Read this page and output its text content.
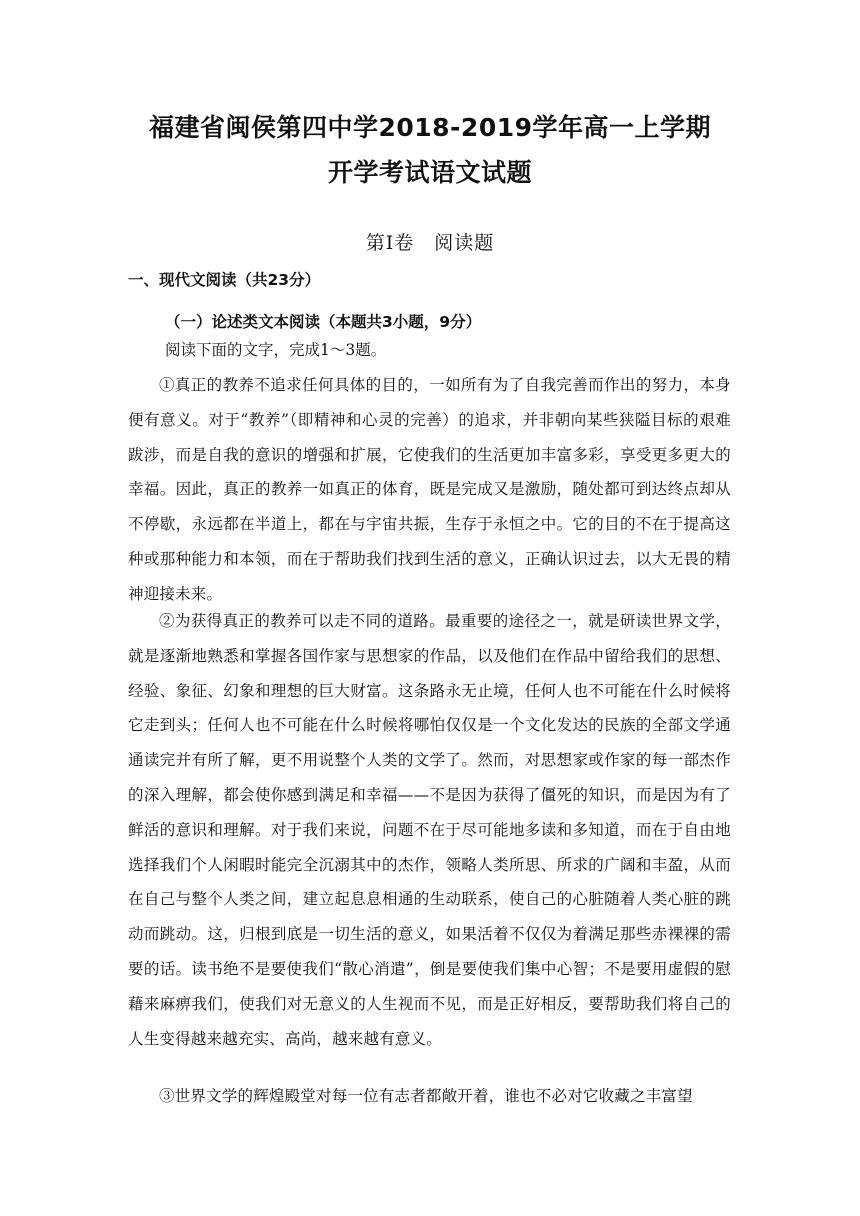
福建省闽侯第四中学2018-2019学年高一上学期
开学考试语文试题
第Ⅰ卷　阅读题
一、现代文阅读（共23分）
（一）论述类文本阅读（本题共3小题，9分）
阅读下面的文字，完成1～3题。
①真正的教养不追求任何具体的目的，一如所有为了自我完善而作出的努力，本身便有意义。对于“教养”（即精神和心灵的完善）的追求，并非朝向某些狭隘目标的艰难跋涉，而是自我的意识的增强和扩展，它使我们的生活更加丰富多彩，享受更多更大的幸福。因此，真正的教养一如真正的体育，既是完成又是激励，随处都可到达终点却从不停歇，永远都在半道上，都在与宇宙共振，生存于永恒之中。它的目的不在于提高这种或那种能力和本领，而在于帮助我们找到生活的意义，正确认识过去，以大无畏的精神迎接未来。
②为获得真正的教养可以走不同的道路。最重要的途径之一，就是研读世界文学，就是逐渐地熟悉和掌握各国作家与思想家的作品，以及他们在作品中留给我们的思想、经验、象征、幻象和理想的巨大财富。这条路永无止境，任何人也不可能在什么时候将它走到头；任何人也不可能在什么时候将哪怕仅仅是一个文化发达的民族的全部文学通通读完并有所了解，更不用说整个人类的文学了。然而，对思想家或作家的每一部杰作的深入理解，都会使你感到满足和幸福——不是因为获得了僵死的知识，而是因为有了鲜活的意识和理解。对于我们来说，问题不在于尽可能地多读和多知道，而在于自由地选择我们个人闲暇时能完全沉溺其中的杰作，领略人类所思、所求的广阔和丰盈，从而在自己与整个人类之间，建立起息息相通的生动联系，使自己的心脏随着人类心脏的跳动而跳动。这，归根到底是一切生活的意义，如果活着不仅仅为着满足那些赤裸裸的需要的话。读书绝不是要使我们“散心消遣”，倒是要使我们集中心智；不是要用虚假的慰藉来麻痹我们，使我们对无意义的人生视而不见，而是正好相反，要帮助我们将自己的人生变得越来越充实、高尚，越来越有意义。
③世界文学的辉煌殿堂对每一位有志者都敞开着，谁也不必对它收藏之丰富望
